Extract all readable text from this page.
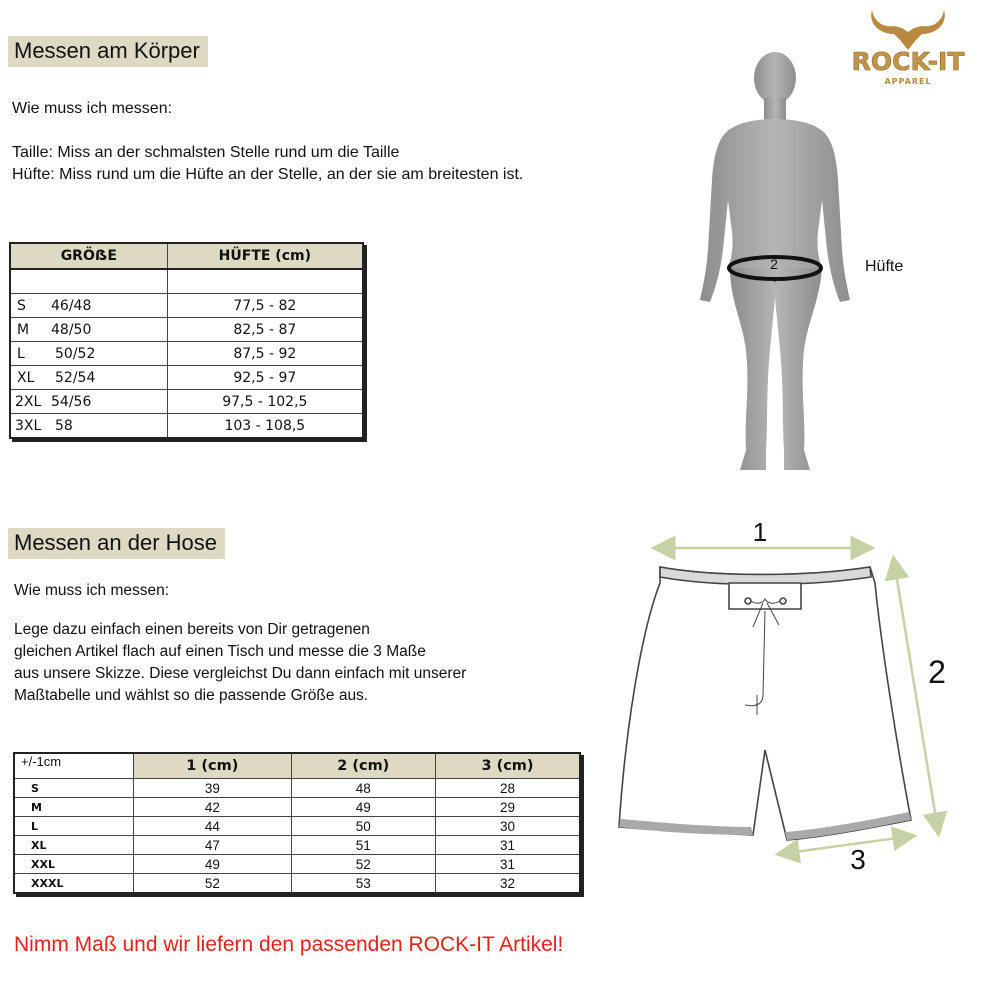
Messen am Körper
Wie muss ich messen:
Taille: Miss an der schmalsten Stelle rund um die Taille
Hüfte: Miss rund um die Hüfte an der Stelle, an der sie am breitesten ist.
GRÖẞE	HÜFTE (cm)

S 46/48	77,5 - 82
M 48/50	82,5 - 87
L 50/52	87,5 - 92
XL 52/54	92,5 - 97
2XL 54/56	97,5 - 102,5
3XL 58	103 - 108,5
ROCK-IT
APPAREL
2	Hüfte
Messen an der Hose
Wie muss ich messen:
Lege dazu einfach einen bereits von Dir getragenen
gleichen Artikel flach auf einen Tisch und messe die 3 Maße
aus unsere Skizze. Diese vergleichst Du dann einfach mit unserer
Maßtabelle und wählst so die passende Größe aus.
+/-1cm	1 (cm)	2 (cm)	3 (cm)
S	39	48	28
M	42	49	29
L	44	50	30
XL	47	51	31
XXL	49	52	31
XXXL	52	53	32
1
2
3
Nimm Maß und wir liefern den passenden ROCK-IT Artikel!
